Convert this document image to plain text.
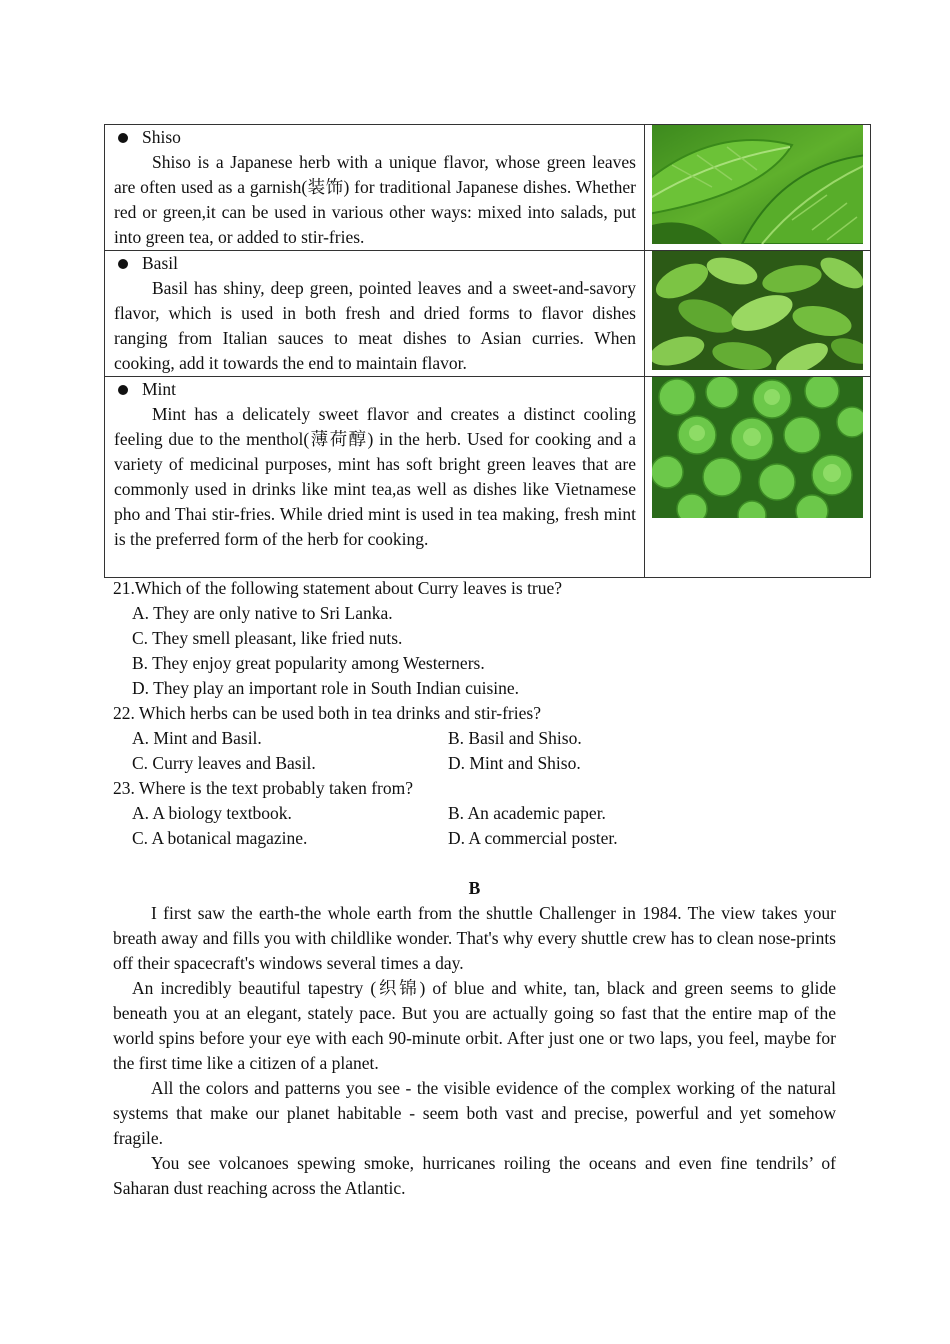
Shiso

Shiso is a Japanese herb with a unique flavor, whose green leaves are often used as a garnish(装饰) for traditional Japanese dishes. Whether red or green,it can be used in various other ways: mixed into salads, put into green tea, or added to stir-fries.

Basil

Basil has shiny, deep green, pointed leaves and a sweet-and-savory flavor, which is used in both fresh and dried forms to flavor dishes ranging from Italian sauces to meat dishes to Asian curries. When cooking, add it towards the end to maintain flavor.

Mint

Mint has a delicately sweet flavor and creates a distinct cooling feeling due to the menthol(薄荷醇) in the herb. Used for cooking and a variety of medicinal purposes, mint has soft bright green leaves that are commonly used in drinks like mint tea,as well as dishes like Vietnamese pho and Thai stir-fries. While dried mint is used in tea making, fresh mint is the preferred form of the herb for cooking.

21.Which of the following statement about Curry leaves is true?
A. They are only native to Sri Lanka.
C. They smell pleasant, like fried nuts.
B. They enjoy great popularity among Westerners.
D. They play an important role in South Indian cuisine.
22. Which herbs can be used both in tea drinks and stir-fries?
A. Mint and Basil.	B. Basil and Shiso.
C. Curry leaves and Basil.	D. Mint and Shiso.
23. Where is the text probably taken from?
A. A biology textbook.	B. An academic paper.
C. A botanical magazine.	D. A commercial poster.
B

I first saw the earth-the whole earth from the shuttle Challenger in 1984. The view takes your breath away and fills you with childlike wonder. That's why every shuttle crew has to clean nose-prints off their spacecraft's windows several times a day.

An incredibly beautiful tapestry (织锦) of blue and white, tan, black and green seems to glide beneath you at an elegant, stately pace. But you are actually going so fast that the entire map of the world spins before your eye with each 90-minute orbit. After just one or two laps, you feel, maybe for the first time like a citizen of a planet.

All the colors and patterns you see - the visible evidence of the complex working of the natural systems that make our planet habitable - seem both vast and precise, powerful and yet somehow fragile.

You see volcanoes spewing smoke, hurricanes roiling the oceans and even fine tendrils’ of Saharan dust reaching across the Atlantic.
